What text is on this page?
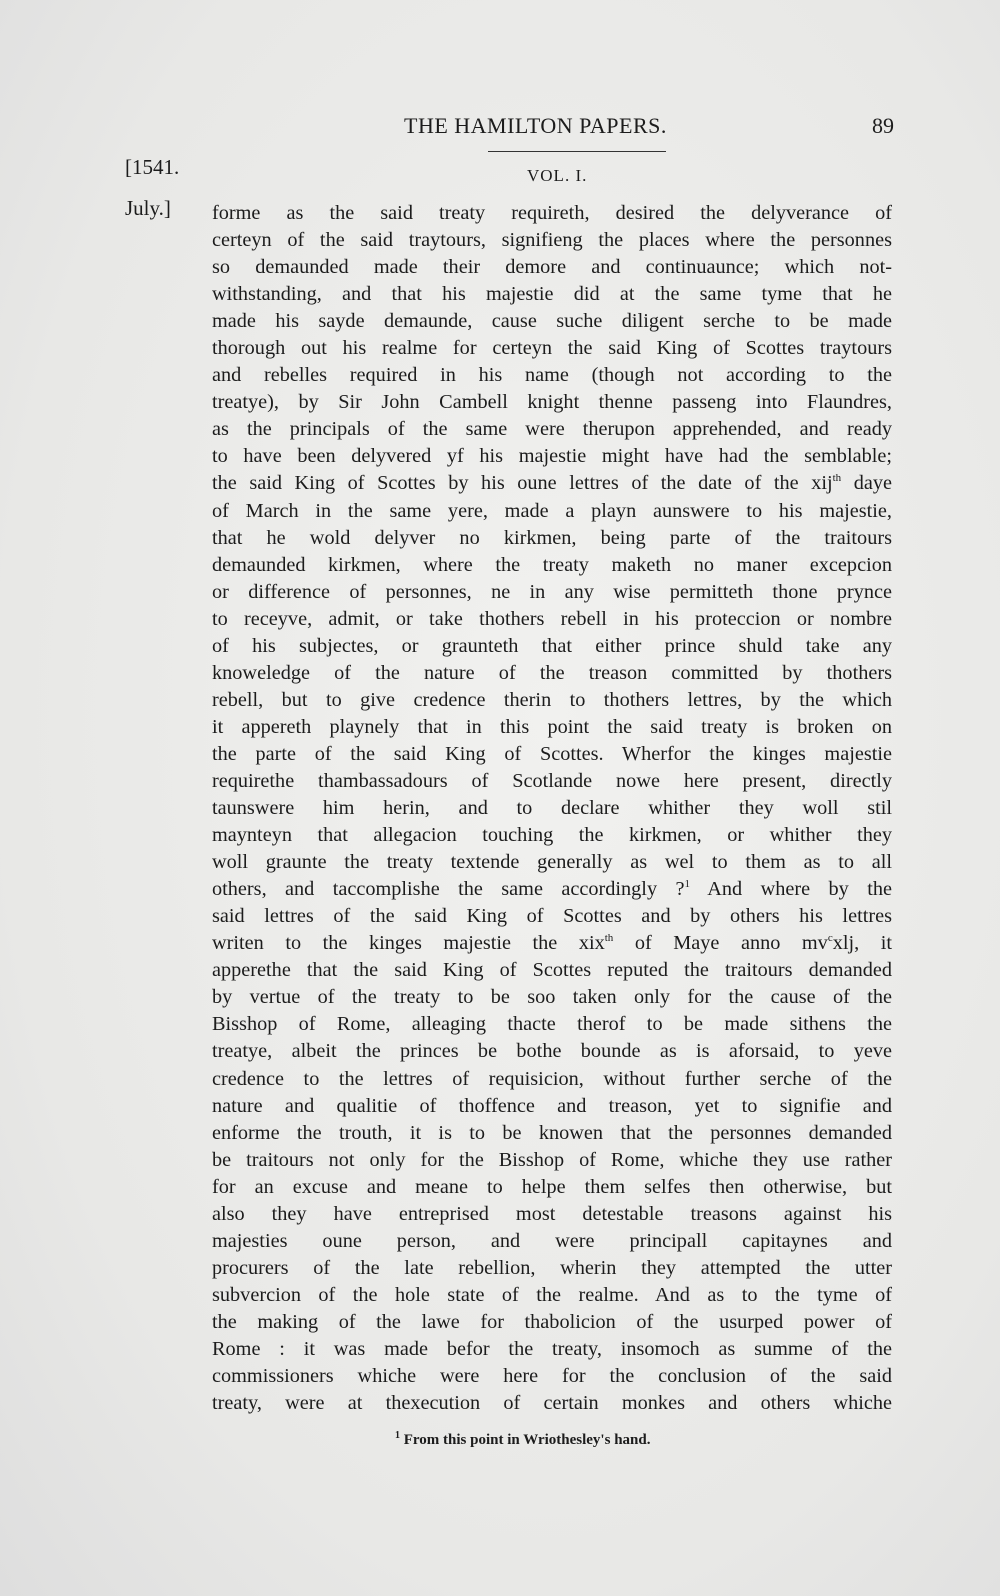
THE HAMILTON PAPERS.	89
[1541.	VOL. I.
July.] forme as the said treaty requireth, desired the delyverance of
certeyn of the said traytours, signifieng the places where the personnes
so demaunded made their demore and continuaunce; which not-
withstanding, and that his majestie did at the same tyme that he
made his sayde demaunde, cause suche diligent serche to be made
thorough out his realme for certeyn the said King of Scottes traytours
and rebelles required in his name (though not according to the
treatye), by Sir John Cambell knight thenne passeng into Flaundres,
as the principals of the same were therupon apprehended, and ready
to have been delyvered yf his majestie might have had the semblable;
the said King of Scottes by his oune lettres of the date of the xij$^{th}$ daye
of March in the same yere, made a playn aunswere to his majestie,
that he wold delyver no kirkmen, being parte of the traitours
demaunded kirkmen, where the treaty maketh no maner excepcion
or difference of personnes, ne in any wise permitteth thone prynce
to receyve, admit, or take thothers rebell in his proteccion or nombre
of his subjectes, or graunteth that either prince shuld take any
knoweledge of the nature of the treason committed by thothers
rebell, but to give credence therin to thothers lettres, by the which
it appereth playnely that in this point the said treaty is broken on
the parte of the said King of Scottes. Wherfor the kinges majestie
requirethe thambassadours of Scotlande nowe here present, directly
taunswere him herin, and to declare whither they woll stil
maynteyn that allegacion touching the kirkmen, or whither they
woll graunte the treaty textende generally as wel to them as to all
others, and taccomplishe the same accordingly ?$^1$ And where by the
said lettres of the said King of Scottes and by others his lettres
writen to the kinges majestie the xix$^{th}$ of Maye anno $mv^cxlj$, it
apperethe that the said King of Scottes reputed the traitours demanded
by vertue of the treaty to be soo taken only for the cause of the
Bisshop of Rome, alleaging thacte therof to be made sithens the
treatye, albeit the princes be bothe bounde as is aforsaid, to yeve
credence to the lettres of requisicion, without further serche of the
nature and qualitie of thoffence and treason, yet to signifie and
enforme the trouth, it is to be knowen that the personnes demanded
be traitours not only for the Bisshop of Rome, whiche they use rather
for an excuse and meane to helpe them selfes then otherwise, but
also they have entreprised most detestable treasons against his
majesties oune person, and were principall capitaynes and
procurers of the late rebellion, wherin they attempted the utter
subvercion of the hole state of the realme. And as to the tyme of
the making of the lawe for thabolicion of the usurped power of
Rome : it was made befor the treaty, insomoch as summe of the
commissioners whiche were here for the conclusion of the said
treaty, were at thexecution of certain monkes and others whiche
$^1$ From this point in Wriothesley's hand.
